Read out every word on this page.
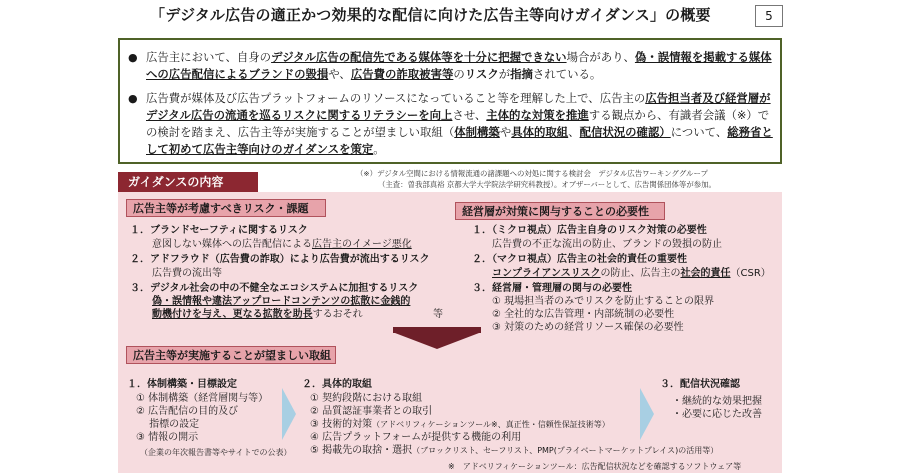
「デジタル広告の適正かつ効果的な配信に向けた広告主等向けガイダンス」の概要	5
● 広告主において、自身のデジタル広告の配信先である媒体等を十分に把握できない場合があり、偽・誤情報を掲載する媒体への広告配信によるブランドの毀損や、広告費の詐取被害等のリスクが指摘されている。
● 広告費が媒体及び広告プラットフォームのリソースになっていること等を理解した上で、広告主の広告担当者及び経営層がデジタル広告の流通を巡るリスクに関するリテラシーを向上させ、主体的な対策を推進する観点から、有識者会議（※）での検討を踏まえ、広告主等が実施することが望ましい取組（体制構築や具体的取組、配信状況の確認）について、総務省として初めて広告主等向けのガイダンスを策定。
（※）デジタル空間における情報流通の諸課題への対処に関する検討会　デジタル広告ワーキンググループ
（主査：曽我部真裕 京都大学大学院法学研究科教授）。オブザーバーとして、広告関係団体等が参加。
ガイダンスの内容
広告主等が考慮すべきリスク・課題
１．ブランドセーフティに関するリスク
意図しない媒体への広告配信による広告主のイメージ悪化
２．アドフラウド（広告費の詐取）により広告費が流出するリスク
広告費の流出等
３．デジタル社会の中の不健全なエコシステムに加担するリスク
偽・誤情報や違法アップロードコンテンツの拡散に金銭的
動機付けを与え、更なる拡散を助長するおそれ	等
経営層が対策に関与することの必要性
１．（ミクロ視点）広告主自身のリスク対策の必要性
広告費の不正な流出の防止、ブランドの毀損の防止
２．（マクロ視点）広告主の社会的責任の重要性
コンプライアンスリスクの防止、広告主の社会的責任（CSR）
３．経営層・管理層の関与の必要性
① 現場担当者のみでリスクを防止することの限界
② 全社的な広告管理・内部統制の必要性
③ 対策のための経営リソース確保の必要性
広告主等が実施することが望ましい取組
１．体制構築・目標設定
① 体制構築（経営層関与等）
② 広告配信の目的及び
　 指標の設定
③ 情報の開示
（企業の年次報告書等やサイトでの公表）
２．具体的取組
① 契約段階における取組
② 品質認証事業者との取引
③ 技術的対策（アドベリフィケーションツール※、真正性・信頼性保証技術等）
④ 広告プラットフォームが提供する機能の利用
⑤ 掲載先の取捨・選択（ブロックリスト、セーフリスト、PMP(プライベートマーケットプレイス)の活用等）
３．配信状況確認
・継続的な効果把握
・必要に応じた改善
※　アドベリフィケーションツール：広告配信状況などを確認するソフトウェア等
